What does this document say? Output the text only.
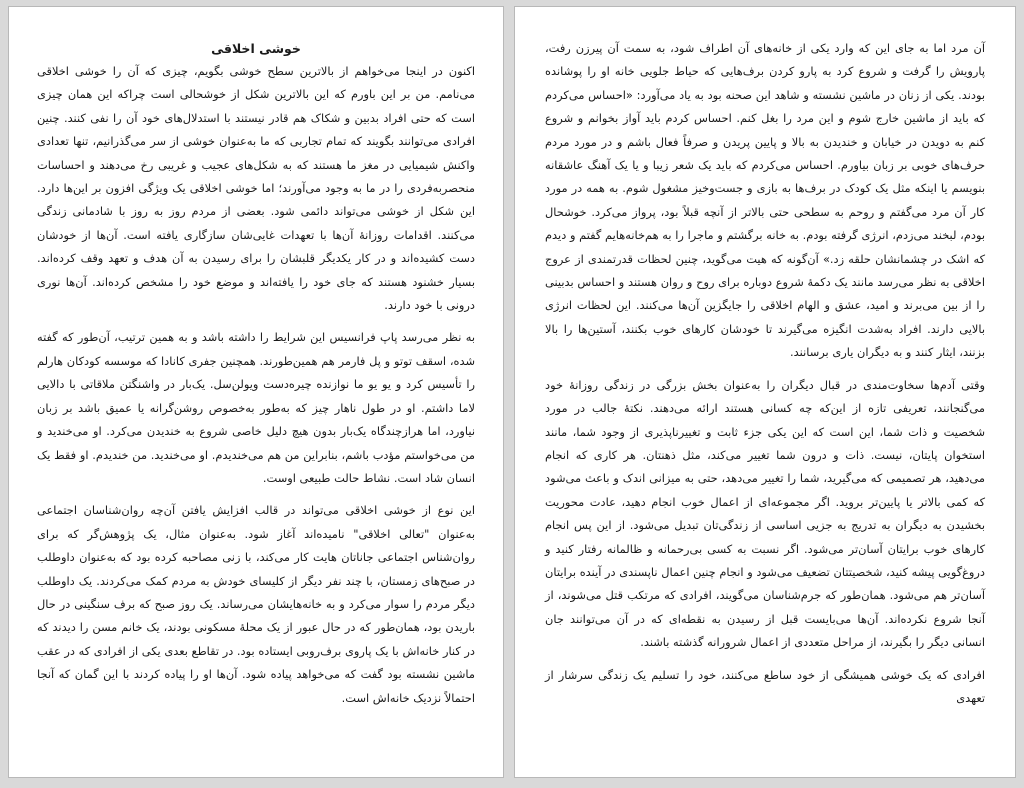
خوشی اخلاقی

اکنون در اینجا می‌خواهم از بالاترین سطح خوشی بگویم، چیزی که آن را خوشی اخلاقی می‌نامم. من بر این باورم که این بالاترین شکل از خوشحالی است چراکه این همان چیزی است که حتی افراد بدبین و شکاک هم قادر نیستند با استدلال‌های خود آن را نفی کنند. چنین افرادی می‌توانند بگویند که تمام تجاربی که ما به‌عنوان خوشی از سر می‌گذرانیم، تنها تعدادی واکنش شیمیایی در مغز ما هستند که به شکل‌های عجیب و غریبی رخ می‌دهند و احساسات منحصربه‌فردی را در ما به وجود می‌آورند؛ اما خوشی اخلاقی یک ویژگی افزون بر این‌ها دارد. این شکل از خوشی می‌تواند دائمی شود. بعضی از مردم روز به روز با شادمانی زندگی می‌کنند. اقدامات روزانهٔ آن‌ها با تعهدات غایی‌شان سازگاری یافته است. آن‌ها از خودشان دست کشیده‌اند و در کار یکدیگر قلبشان را برای رسیدن به آن هدف و تعهد وقف کرده‌اند. بسیار خشنود هستند که جای خود را یافته‌اند و موضع خود را مشخص کرده‌اند. آن‌ها نوری درونی با خود دارند.

به نظر می‌رسد پاپ فرانسیس این شرایط را داشته باشد و به همین ترتیب، آن‌طور که گفته شده، اسقف توتو و پل فارمر هم همین‌طورند. همچنین جفری کانادا که موسسه کودکان هارلم را تأسیس کرد و یو یو ما نوازنده چیره‌دست ویولن‌سل. یک‌بار در واشنگتن ملاقاتی با دالایی لاما داشتم. او در طول ناهار چیز که به‌طور به‌خصوص روشن‌گرانه یا عمیق باشد بر زبان نیاورد، اما هرازچندگاه یک‌بار بدون هیچ دلیل خاصی شروع به خندیدن می‌کرد. او می‌خندید و من می‌خواستم مؤدب باشم، بنابراین من هم می‌خندیدم. او می‌خندید. من خندیدم. او فقط یک انسان شاد است. نشاط حالت طبیعی اوست.

این نوع از خوشی اخلاقی می‌تواند در قالب افزایش یافتن آن‌چه روان‌شناسان اجتماعی به‌عنوان "تعالی اخلاقی" نامیده‌اند آغاز شود. به‌عنوان مثال، یک پژوهش‌گر که برای روان‌شناس اجتماعی جاناتان هایت کار می‌کند، با زنی مصاحبه کرده بود که به‌عنوان داوطلب در صبح‌های زمستان، با چند نفر دیگر از کلیسای خودش به مردم کمک می‌کردند. یک داوطلب دیگر مردم را سوار می‌کرد و به خانه‌هایشان می‌رساند. یک روز صبح که برف سنگینی در حال باریدن بود، همان‌طور که در حال عبور از یک محلهٔ مسکونی بودند، یک خانم مسن را دیدند که در کنار خانه‌اش با یک پاروی برف‌روبی ایستاده بود. در تقاطع بعدی یکی از افرادی که در عقب ماشین نشسته بود گفت که می‌خواهد پیاده شود. آن‌ها او را پیاده کردند با این گمان که آنجا احتمالاً نزدیک خانه‌اش است.

آن مرد اما به جای این که وارد یکی از خانه‌های آن اطراف شود، به سمت آن پیرزن رفت، پارویش را گرفت و شروع کرد به پارو کردن برف‌هایی که حیاط جلویی خانه او را پوشانده بودند. یکی از زنان در ماشین نشسته و شاهد این صحنه بود به یاد می‌آورد: «احساس می‌کردم که باید از ماشین خارج شوم و این مرد را بغل کنم. احساس کردم باید آواز بخوانم و شروع کنم به دویدن در خیابان و خندیدن به بالا و پایین پریدن و صرفاً فعال باشم و در مورد مردم حرف‌های خوبی بر زبان بیاورم. احساس می‌کردم که باید یک شعر زیبا و یا یک آهنگ عاشقانه بنویسم یا اینکه مثل یک کودک در برف‌ها به بازی و جست‌وخیز مشغول شوم. به همه در مورد کار آن مرد می‌گفتم و روحم به سطحی حتی بالاتر از آنچه قبلاً بود، پرواز می‌کرد. خوشحال بودم، لبخند می‌زدم، انرژی گرفته بودم. به خانه برگشتم و ماجرا را به هم‌خانه‌هایم گفتم و دیدم که اشک در چشمانشان حلقه زد.» آن‌گونه که هیت می‌گوید، چنین لحظات قدرتمندی از عروج اخلاقی به نظر می‌رسد مانند یک دکمهٔ شروع دوباره برای روح و روان هستند و احساس بدبینی را از بین می‌برند و امید، عشق و الهام اخلاقی را جایگزین آن‌ها می‌کنند. این لحظات انرژی بالایی دارند. افراد به‌شدت انگیزه می‌گیرند تا خودشان کارهای خوب بکنند، آستین‌ها را بالا بزنند، ایثار کنند و به دیگران یاری برسانند.

وقتی آدم‌ها سخاوت‌مندی در قبال دیگران را به‌عنوان بخش بزرگی در زندگی روزانهٔ خود می‌گنجانند، تعریفی تازه از این‌که چه کسانی هستند ارائه می‌دهند. نکتهٔ جالب در مورد شخصیت و ذات شما، این است که این یکی جزء ثابت و تغییرناپذیری از وجود شما، مانند استخوان پایتان، نیست. ذات و درون شما تغییر می‌کند، مثل ذهنتان. هر کاری که انجام می‌دهید، هر تصمیمی که می‌گیرید، شما را تغییر می‌دهد، حتی به میزانی اندک و باعث می‌شود که کمی بالاتر یا پایین‌تر بروید. اگر مجموعه‌ای از اعمال خوب انجام دهید، عادت محوریت بخشیدن به دیگران به تدریج به جزیی اساسی از زندگی‌تان تبدیل می‌شود. از این پس انجام کارهای خوب برایتان آسان‌تر می‌شود. اگر نسبت به کسی بی‌رحمانه و ظالمانه رفتار کنید و دروغ‌گویی پیشه کنید، شخصیتتان تضعیف می‌شود و انجام چنین اعمال ناپسندی در آینده برایتان آسان‌تر هم می‌شود. همان‌طور که جرم‌شناسان می‌گویند، افرادی که مرتکب قتل می‌شوند، از آنجا شروع نکرده‌اند. آن‌ها می‌بایست قبل از رسیدن به نقطه‌ای که در آن می‌توانند جان انسانی دیگر را بگیرند، از مراحل متعددی از اعمال شرورانه گذشته باشند.

افرادی که یک خوشی همیشگی از خود ساطع می‌کنند، خود را تسلیم یک زندگی سرشار از تعهدی
